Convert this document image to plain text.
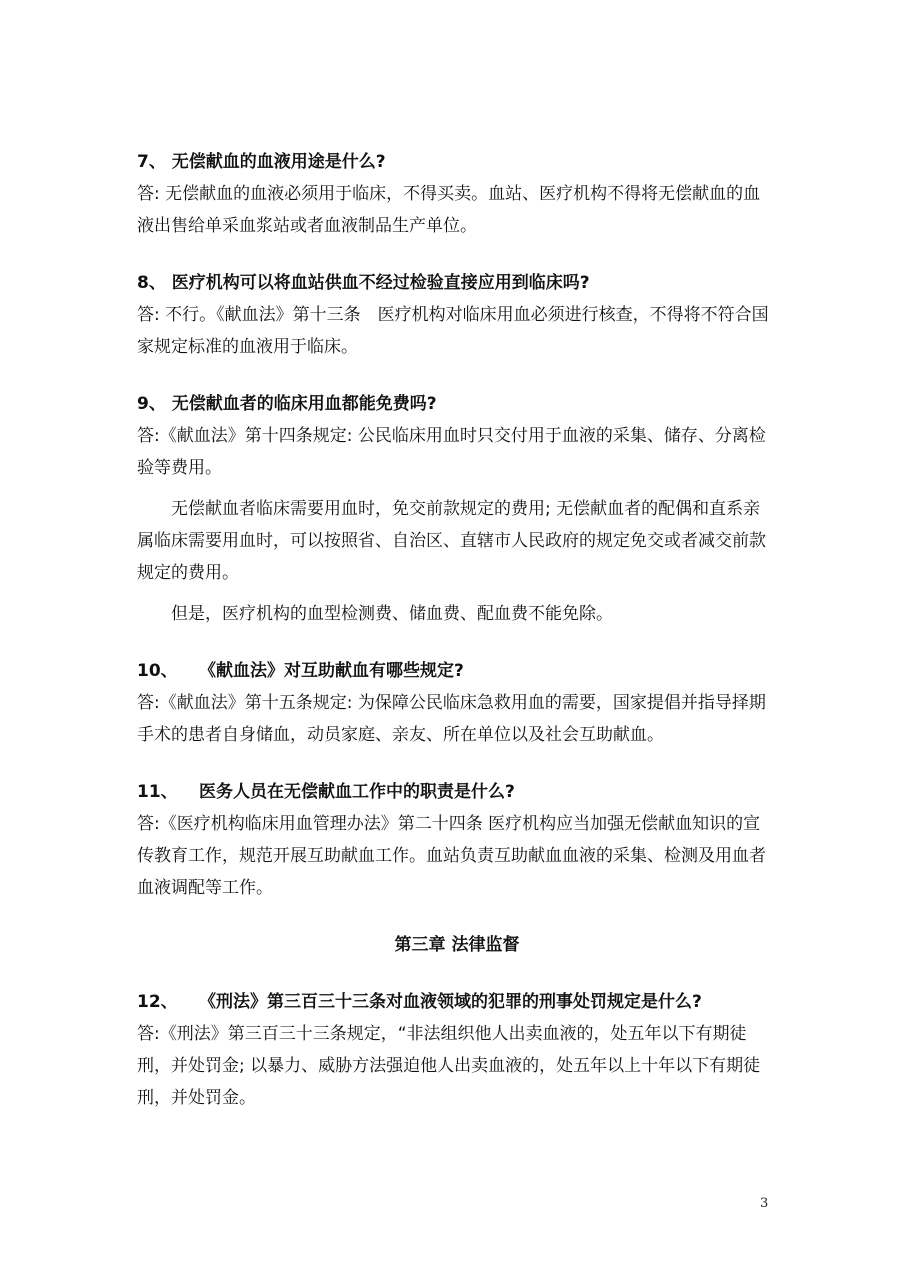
7、 无偿献血的血液用途是什么?

答: 无偿献血的血液必须用于临床，不得买卖。血站、医疗机构不得将无偿献血的血液出售给单采血浆站或者血液制品生产单位。

8、 医疗机构可以将血站供血不经过检验直接应用到临床吗?

答: 不行。《献血法》第十三条　医疗机构对临床用血必须进行核查，不得将不符合国家规定标准的血液用于临床。

9、 无偿献血者的临床用血都能免费吗?

答:《献血法》第十四条规定: 公民临床用血时只交付用于血液的采集、储存、分离检验等费用。

无偿献血者临床需要用血时，免交前款规定的费用; 无偿献血者的配偶和直系亲属临床需要用血时，可以按照省、自治区、直辖市人民政府的规定免交或者减交前款规定的费用。

但是，医疗机构的血型检测费、储血费、配血费不能免除。

10、 《献血法》对互助献血有哪些规定?

答:《献血法》第十五条规定: 为保障公民临床急救用血的需要，国家提倡并指导择期手术的患者自身储血，动员家庭、亲友、所在单位以及社会互助献血。

11、 医务人员在无偿献血工作中的职责是什么?

答:《医疗机构临床用血管理办法》第二十四条 医疗机构应当加强无偿献血知识的宣传教育工作，规范开展互助献血工作。血站负责互助献血血液的采集、检测及用血者血液调配等工作。

第三章 法律监督

12、 《刑法》第三百三十三条对血液领域的犯罪的刑事处罚规定是什么?

答:《刑法》第三百三十三条规定，“非法组织他人出卖血液的，处五年以下有期徒刑，并处罚金; 以暴力、威胁方法强迫他人出卖血液的，处五年以上十年以下有期徒刑，并处罚金。

3
